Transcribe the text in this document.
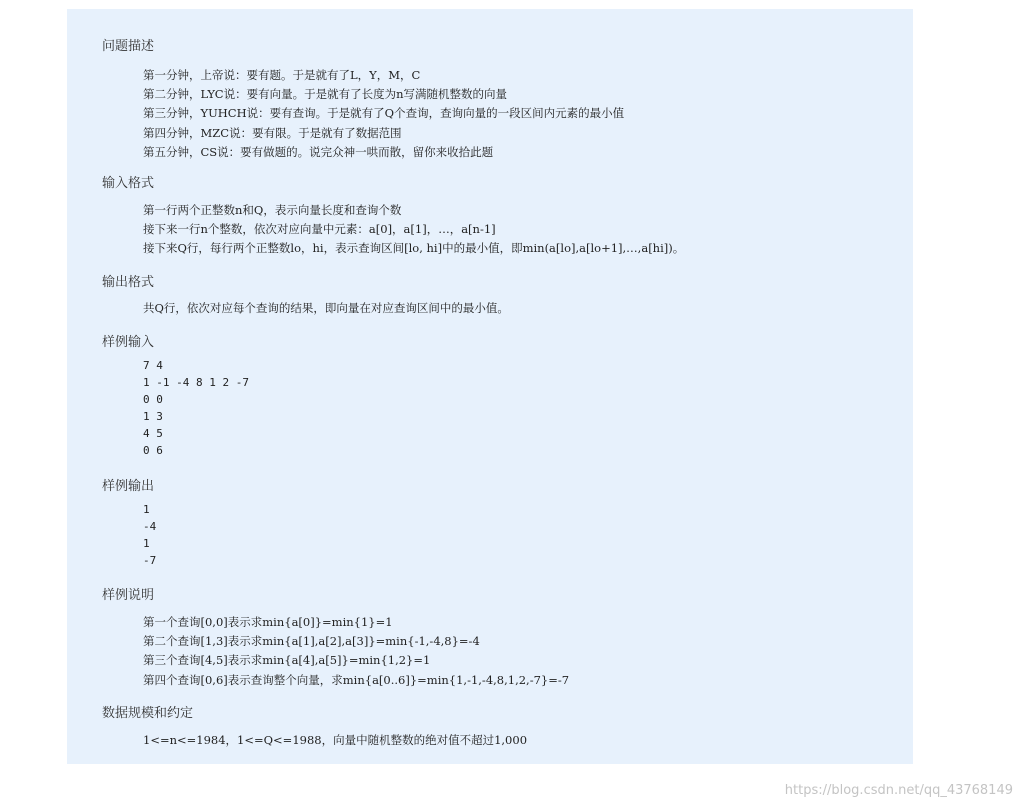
问题描述
第一分钟，上帝说：要有题。于是就有了L，Y，M，C
第二分钟，LYC说：要有向量。于是就有了长度为n写满随机整数的向量
第三分钟，YUHCH说：要有查询。于是就有了Q个查询，查询向量的一段区间内元素的最小值
第四分钟，MZC说：要有限。于是就有了数据范围
第五分钟，CS说：要有做题的。说完众神一哄而散，留你来收拾此题
输入格式
第一行两个正整数n和Q，表示向量长度和查询个数
接下来一行n个整数，依次对应向量中元素：a[0]，a[1]，…，a[n-1]
接下来Q行，每行两个正整数lo，hi，表示查询区间[lo, hi]中的最小值，即min(a[lo],a[lo+1],…,a[hi])。
输出格式
共Q行，依次对应每个查询的结果，即向量在对应查询区间中的最小值。
样例输入
7 4
1 -1 -4 8 1 2 -7
0 0
1 3
4 5
0 6
样例输出
1
-4
1
-7
样例说明
第一个查询[0,0]表示求min{a[0]}=min{1}=1
第二个查询[1,3]表示求min{a[1],a[2],a[3]}=min{-1,-4,8}=-4
第三个查询[4,5]表示求min{a[4],a[5]}=min{1,2}=1
第四个查询[0,6]表示查询整个向量，求min{a[0..6]}=min{1,-1,-4,8,1,2,-7}=-7
数据规模和约定
1<=n<=1984，1<=Q<=1988，向量中随机整数的绝对值不超过1,000
https://blog.csdn.net/qq_43768149
